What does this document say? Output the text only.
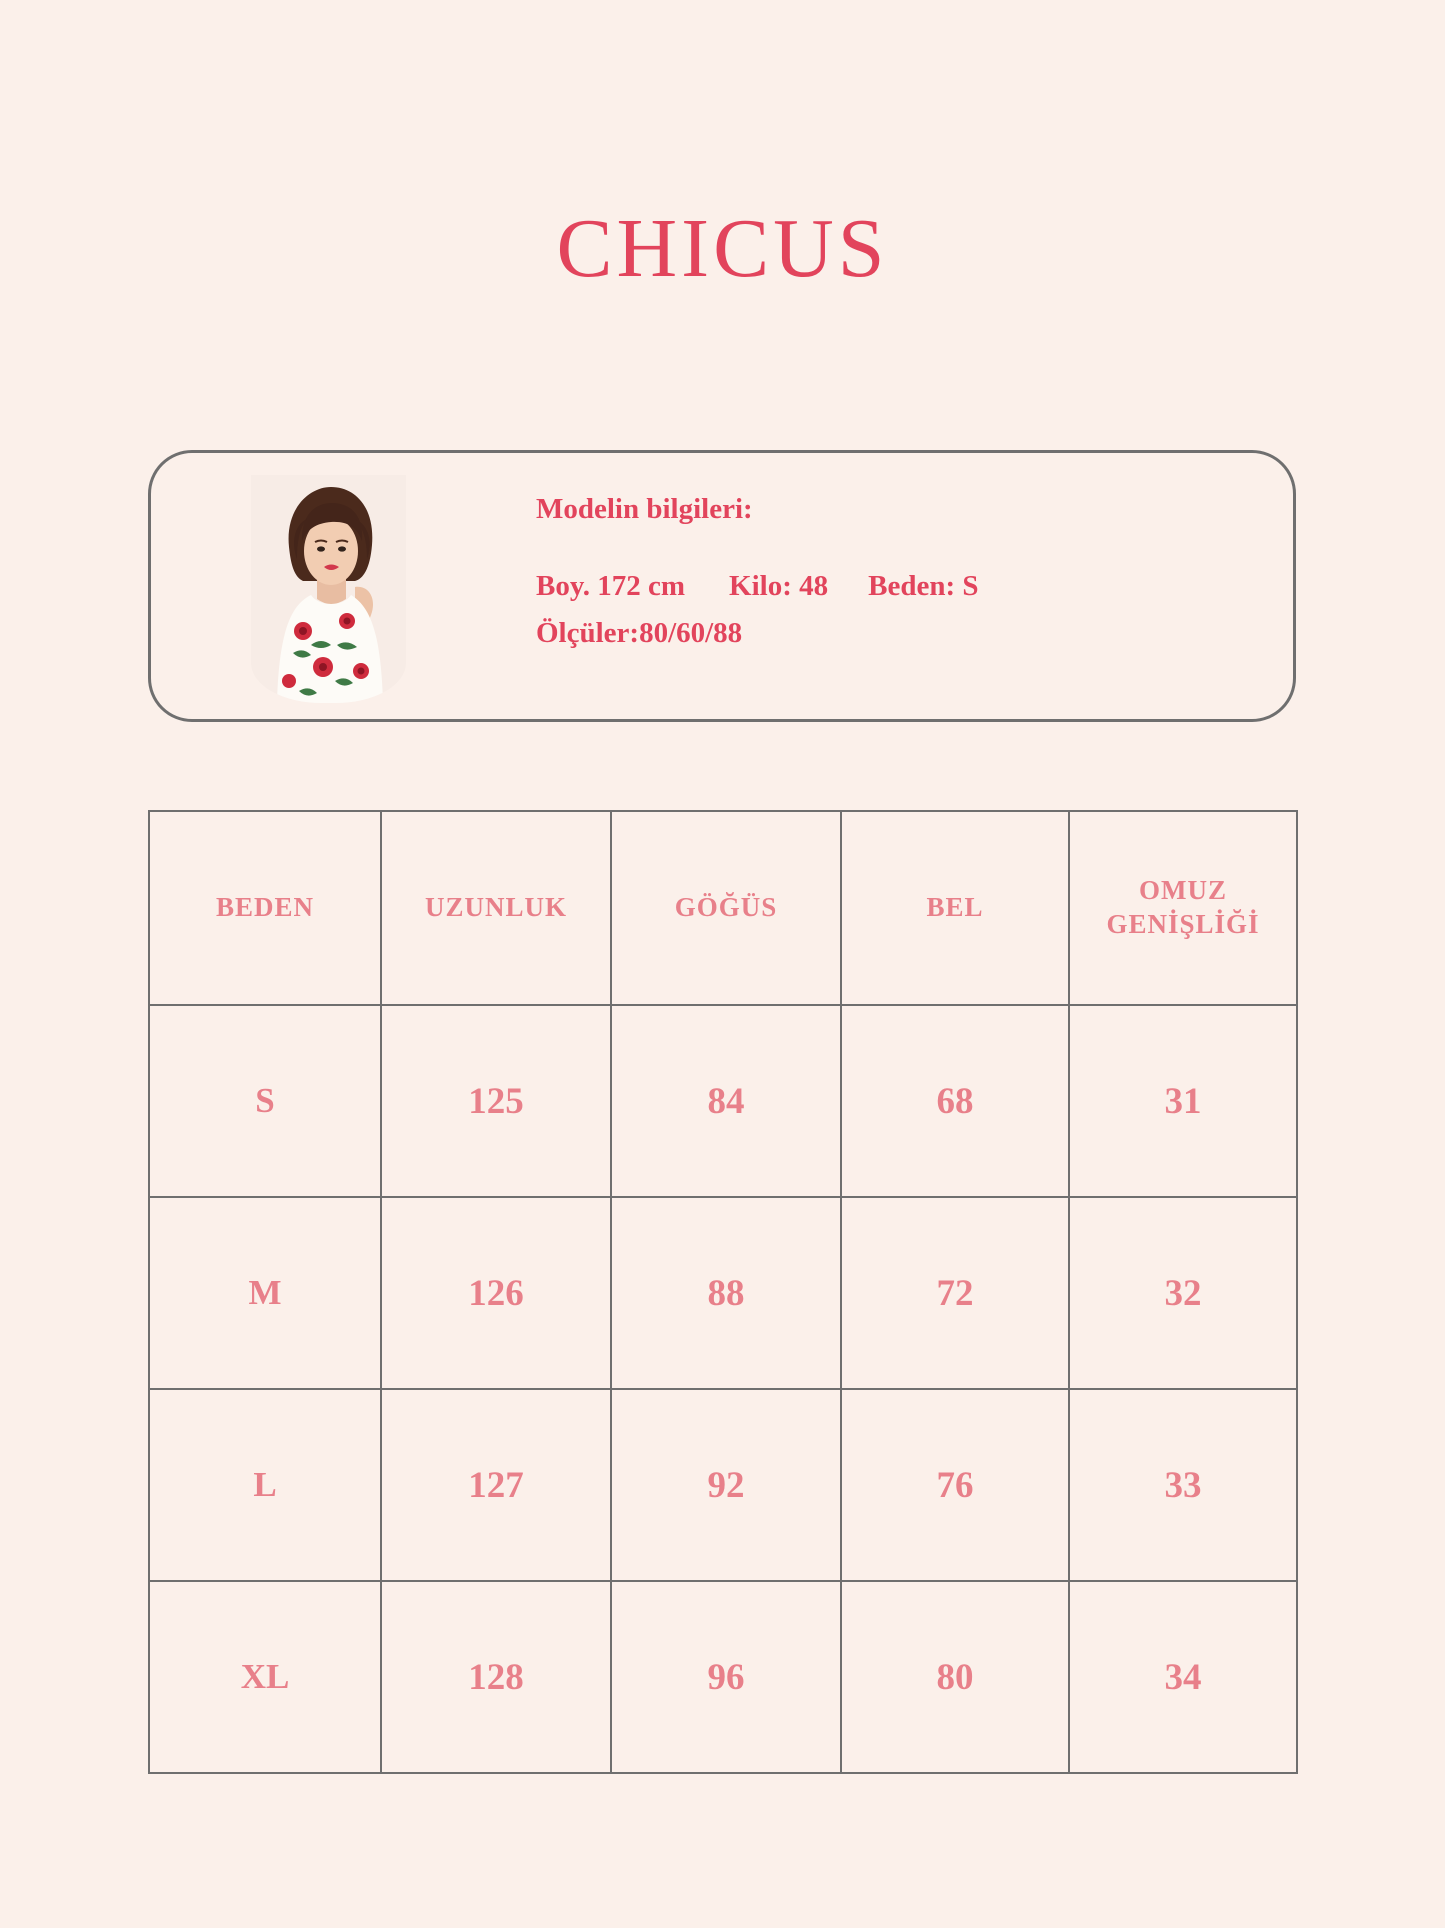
CHICUS
Modelin bilgileri:
Boy. 172 cm Kilo: 48 Beden: S
Ölçüler:80/60/88
BEDEN	UZUNLUK	GÖĞÜS	BEL	OMUZ GENİŞLİĞİ
S	125	84	68	31
M	126	88	72	32
L	127	92	76	33
XL	128	96	80	34
